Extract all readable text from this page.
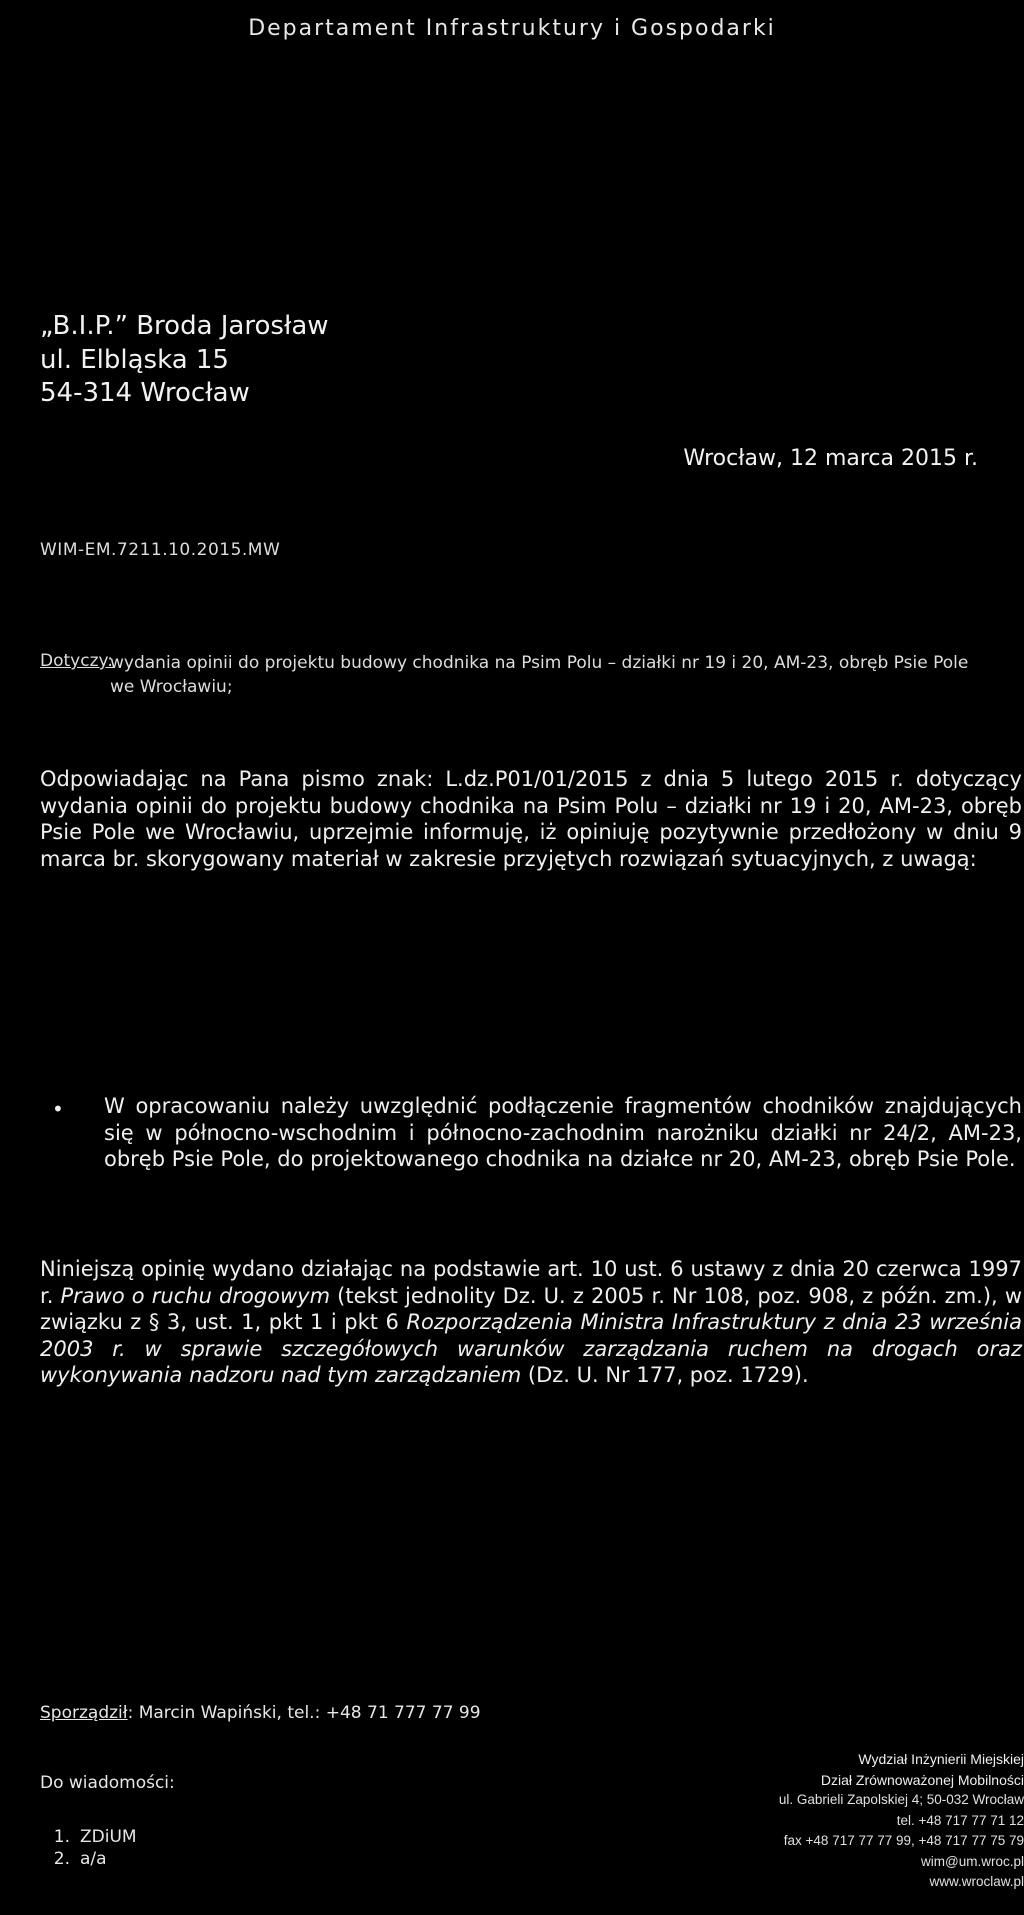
Departament Infrastruktury i Gospodarki
„B.I.P.” Broda Jarosław
ul. Elbląska 15
54-314 Wrocław
Wrocław, 12 marca 2015 r.
WIM-EM.7211.10.2015.MW
Dotyczy:
wydania opinii do projektu budowy chodnika na Psim Polu – działki nr 19 i 20, AM-23, obręb Psie Pole we Wrocławiu;
Odpowiadając na Pana pismo znak: L.dz.P01/01/2015 z dnia 5 lutego 2015 r. dotyczący wydania opinii do projektu budowy chodnika na Psim Polu – działki nr 19 i 20, AM-23, obręb Psie Pole we Wrocławiu, uprzejmie informuję, iż opiniuję pozytywnie przedłożony w dniu 9 marca br. skorygowany materiał w zakresie przyjętych rozwiązań sytuacyjnych, z uwagą:
• W opracowaniu należy uwzględnić podłączenie fragmentów chodników znajdujących się w północno-wschodnim i północno-zachodnim narożniku działki nr 24/2, AM-23, obręb Psie Pole, do projektowanego chodnika na działce nr 20, AM-23, obręb Psie Pole.
Niniejszą opinię wydano działając na podstawie art. 10 ust. 6 ustawy z dnia 20 czerwca 1997 r. Prawo o ruchu drogowym (tekst jednolity Dz. U. z 2005 r. Nr 108, poz. 908, z późn. zm.), w związku z § 3, ust. 1, pkt 1 i pkt 6 Rozporządzenia Ministra Infrastruktury z dnia 23 września 2003 r. w sprawie szczegółowych warunków zarządzania ruchem na drogach oraz wykonywania nadzoru nad tym zarządzaniem (Dz. U. Nr 177, poz. 1729).
Sporządził: Marcin Wapiński, tel.: +48 71 777 77 99
Do wiadomości:
1. ZDiUM
2. a/a
Wydział Inżynierii Miejskiej
Dział Zrównoważonej Mobilności
ul. Gabrieli Zapolskiej 4; 50-032 Wrocław
tel. +48 717 77 71 12
fax +48 717 77 77 99, +48 717 77 75 79
wim@um.wroc.pl
www.wroclaw.pl
